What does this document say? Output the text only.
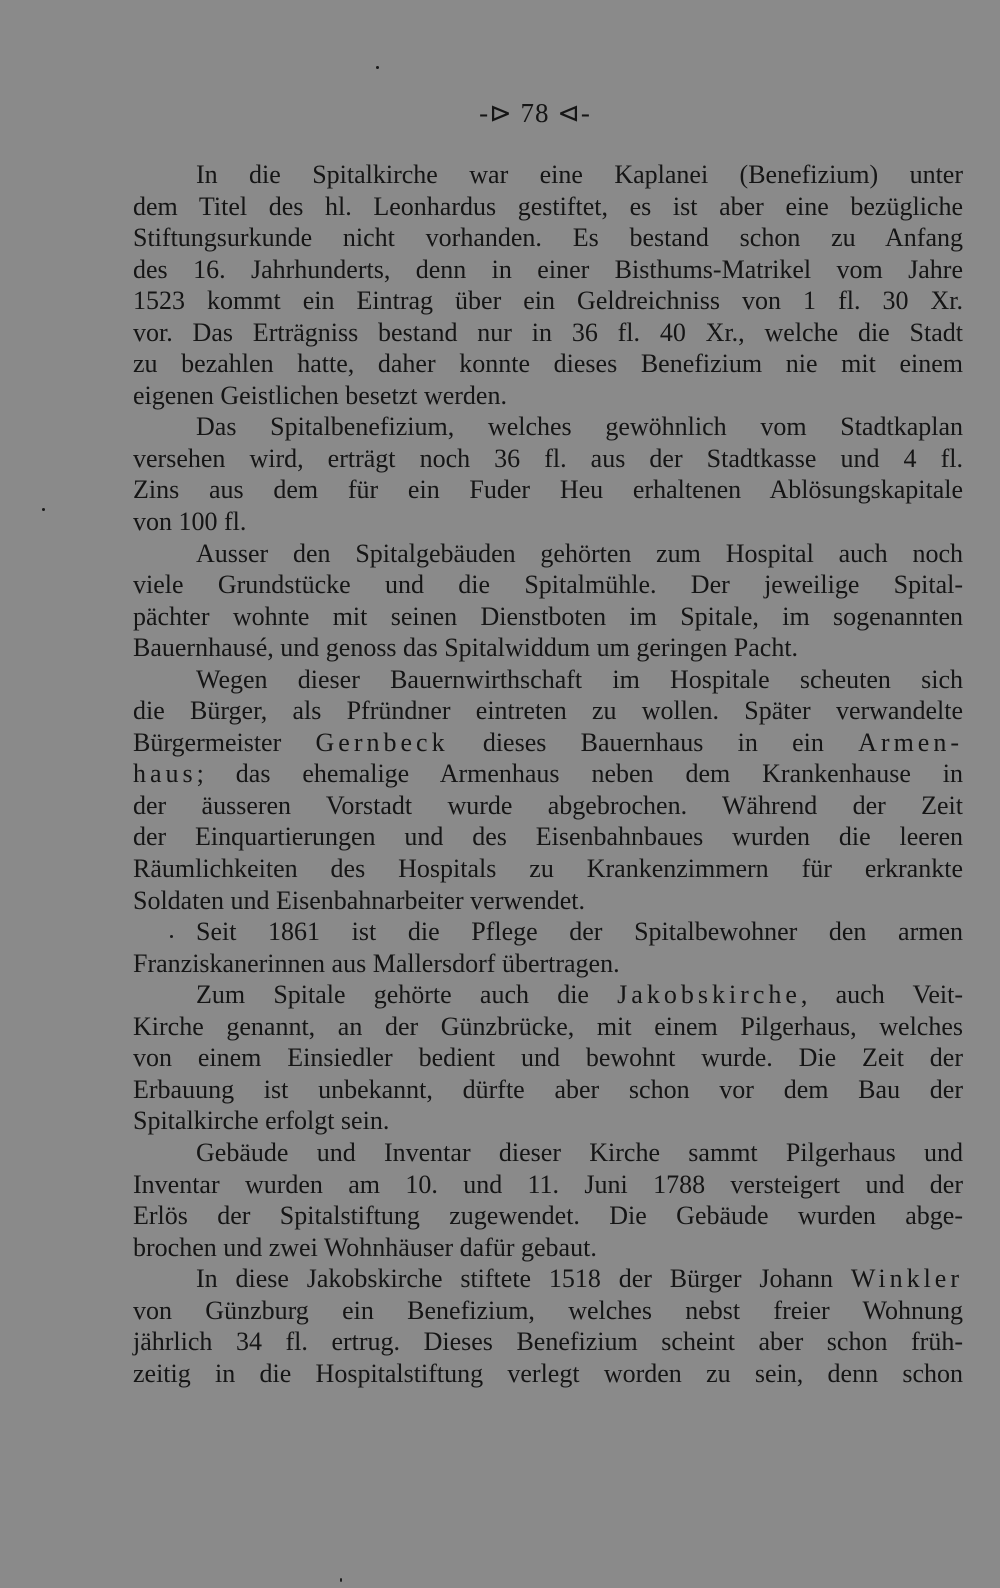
-⊳ 78 ⊲-
In die Spitalkirche war eine Kaplanei (Benefizium) unter
dem Titel des hl. Leonhardus gestiftet, es ist aber eine bezügliche
Stiftungsurkunde nicht vorhanden. Es bestand schon zu Anfang
des 16. Jahrhunderts, denn in einer Bisthums-Matrikel vom Jahre
1523 kommt ein Eintrag über ein Geldreichniss von 1 fl. 30 Xr.
vor. Das Erträgniss bestand nur in 36 fl. 40 Xr., welche die Stadt
zu bezahlen hatte, daher konnte dieses Benefizium nie mit einem
eigenen Geistlichen besetzt werden.
Das Spitalbenefizium, welches gewöhnlich vom Stadtkaplan
versehen wird, erträgt noch 36 fl. aus der Stadtkasse und 4 fl.
Zins aus dem für ein Fuder Heu erhaltenen Ablösungskapitale
von 100 fl.
Ausser den Spitalgebäuden gehörten zum Hospital auch noch
viele Grundstücke und die Spitalmühle. Der jeweilige Spital-
pächter wohnte mit seinen Dienstboten im Spitale, im sogenannten
Bauernhausé, und genoss das Spitalwiddum um geringen Pacht.
Wegen dieser Bauernwirthschaft im Hospitale scheuten sich
die Bürger, als Pfründner eintreten zu wollen. Später verwandelte
Bürgermeister Gernbeck dieses Bauernhaus in ein Armen-
haus; das ehemalige Armenhaus neben dem Krankenhause in
der äusseren Vorstadt wurde abgebrochen. Während der Zeit
der Einquartierungen und des Eisenbahnbaues wurden die leeren
Räumlichkeiten des Hospitals zu Krankenzimmern für erkrankte
Soldaten und Eisenbahnarbeiter verwendet.
Seit 1861 ist die Pflege der Spitalbewohner den armen
Franziskanerinnen aus Mallersdorf übertragen.
Zum Spitale gehörte auch die Jakobskirche, auch Veit-
Kirche genannt, an der Günzbrücke, mit einem Pilgerhaus, welches
von einem Einsiedler bedient und bewohnt wurde. Die Zeit der
Erbauung ist unbekannt, dürfte aber schon vor dem Bau der
Spitalkirche erfolgt sein.
Gebäude und Inventar dieser Kirche sammt Pilgerhaus und
Inventar wurden am 10. und 11. Juni 1788 versteigert und der
Erlös der Spitalstiftung zugewendet. Die Gebäude wurden abge-
brochen und zwei Wohnhäuser dafür gebaut.
In diese Jakobskirche stiftete 1518 der Bürger Johann Winkler
von Günzburg ein Benefizium, welches nebst freier Wohnung
jährlich 34 fl. ertrug. Dieses Benefizium scheint aber schon früh-
zeitig in die Hospitalstiftung verlegt worden zu sein, denn schon
